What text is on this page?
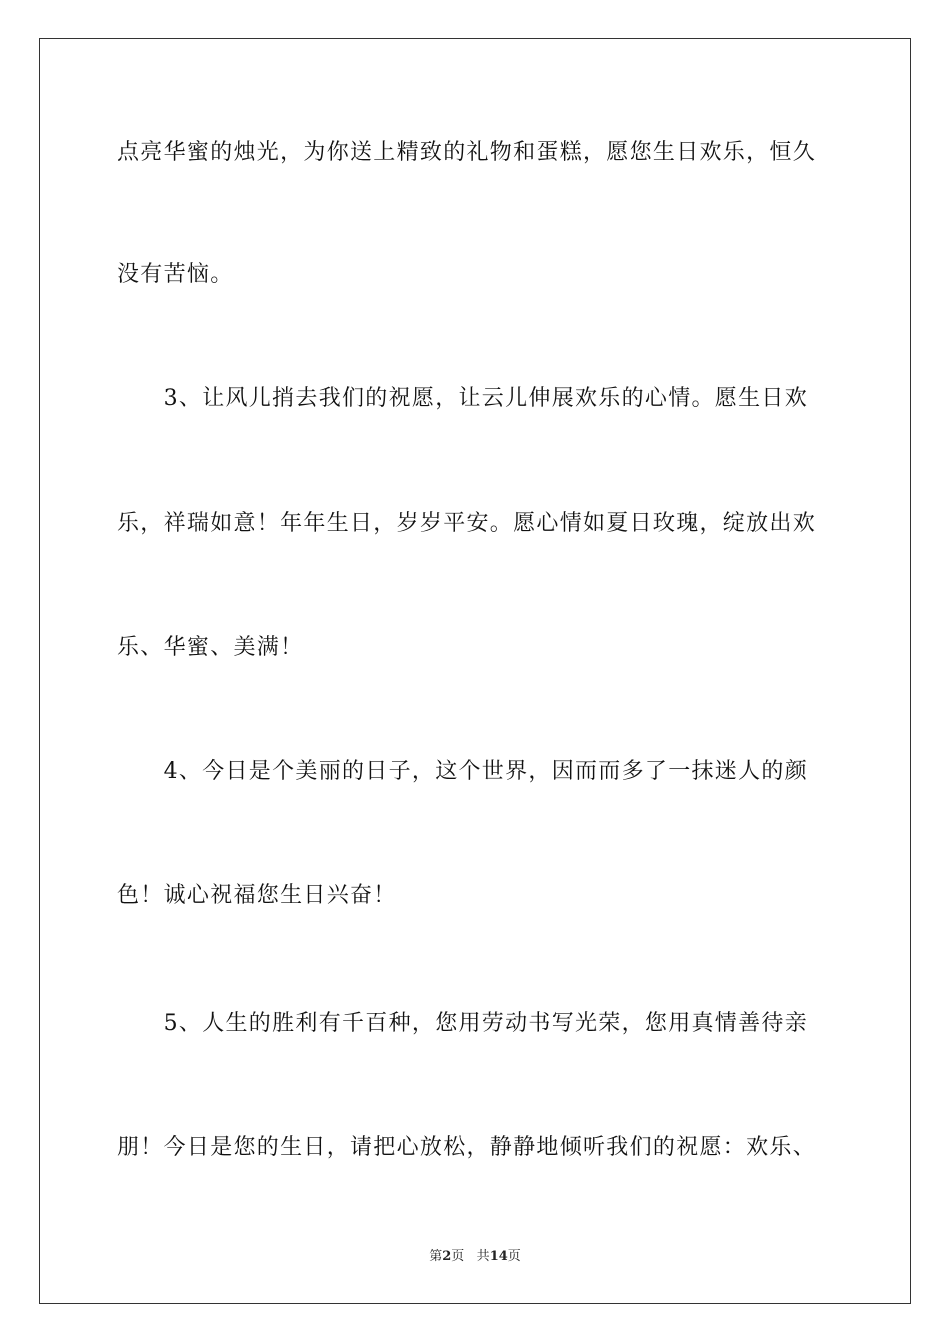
点亮华蜜的烛光，为你送上精致的礼物和蛋糕，愿您生日欢乐，恒久
没有苦恼。
　　3、让风儿捎去我们的祝愿，让云儿伸展欢乐的心情。愿生日欢
乐，祥瑞如意！年年生日，岁岁平安。愿心情如夏日玫瑰，绽放出欢
乐、华蜜、美满！
　　4、今日是个美丽的日子，这个世界，因而而多了一抹迷人的颜
色！诚心祝福您生日兴奋！
　　5、人生的胜利有千百种，您用劳动书写光荣，您用真情善待亲
朋！今日是您的生日，请把心放松，静静地倾听我们的祝愿：欢乐、
第2页 共14页
